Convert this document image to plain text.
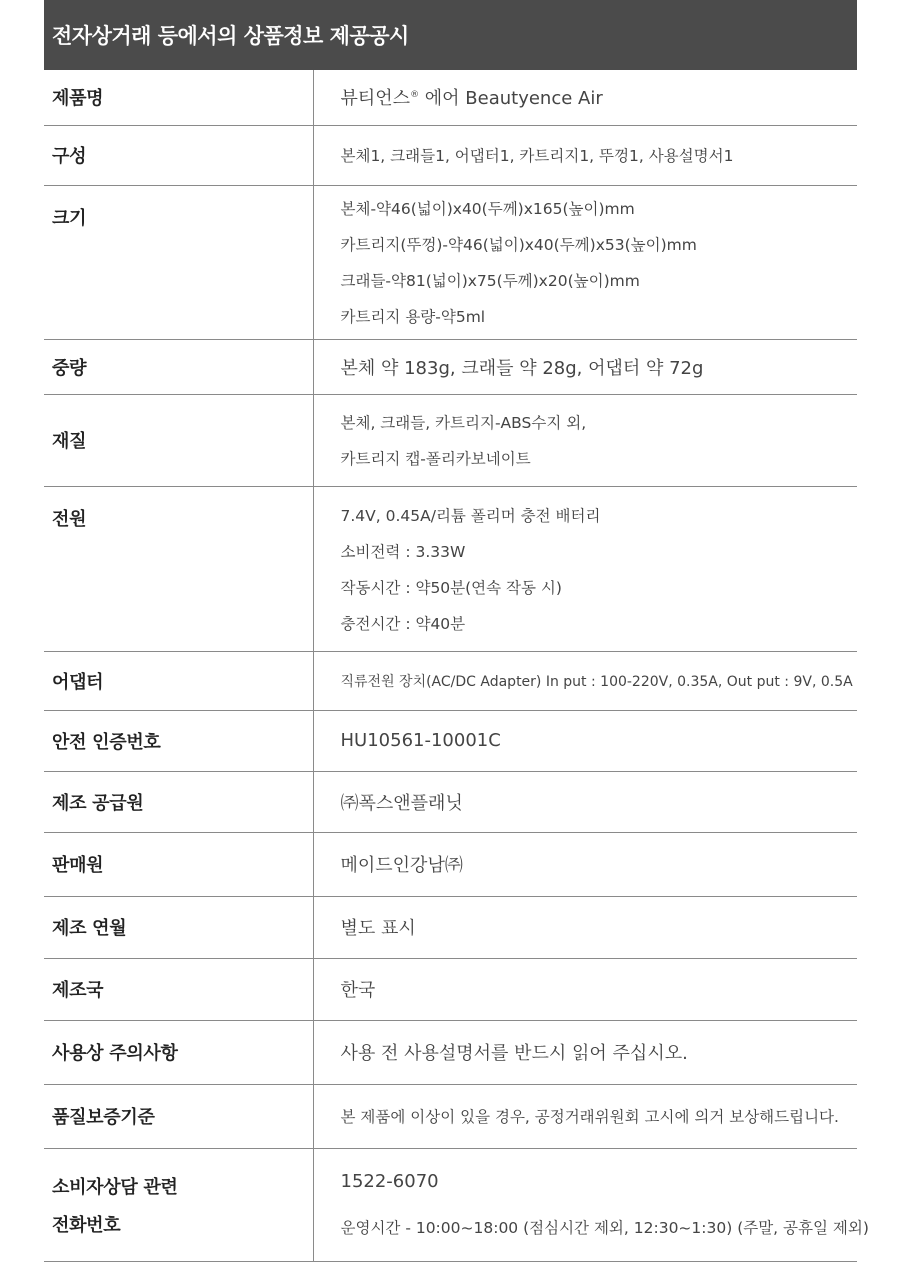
전자상거래 등에서의 상품정보 제공공시
제품명	뷰티언스® 에어 Beautyence Air
구성	본체1, 크래들1, 어댑터1, 카트리지1, 뚜껑1, 사용설명서1
크기	본체-약46(넓이)x40(두께)x165(높이)mm
카트리지(뚜껑)-약46(넓이)x40(두께)x53(높이)mm
크래들-약81(넓이)x75(두께)x20(높이)mm
카트리지 용량-약5ml

중량	본체 약 183g, 크래들 약 28g, 어댑터 약 72g
재질	본체, 크래들, 카트리지-ABS수지 외,
카트리지 캡-폴리카보네이트

전원	7.4V, 0.45A/리튬 폴리머 충전 배터리
소비전력 : 3.33W
작동시간 : 약50분(연속 작동 시)
충전시간 : 약40분

어댑터	직류전원 장치(AC/DC Adapter) In put : 100-220V, 0.35A, Out put : 9V, 0.5A
안전 인증번호	HU10561-10001C
제조 공급원	㈜폭스앤플래닛
판매원	메이드인강남㈜
제조 연월	별도 표시
제조국	한국
사용상 주의사항	사용 전 사용설명서를 반드시 읽어 주십시오.
품질보증기준	본 제품에 이상이 있을 경우, 공정거래위원회 고시에 의거 보상해드립니다.

소비자상담 관련
전화번호	1522-6070
운영시간 - 10:00~18:00 (점심시간 제외, 12:30~1:30) (주말, 공휴일 제외)
